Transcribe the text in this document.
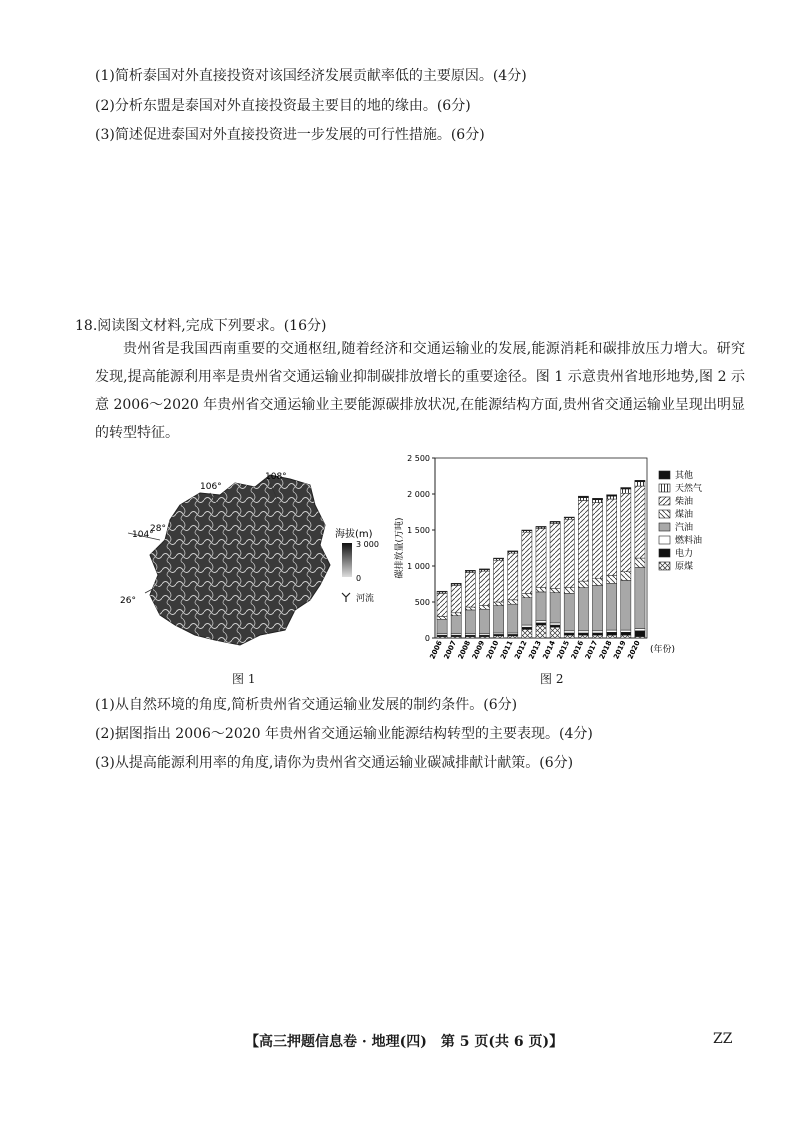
(1)简析泰国对外直接投资对该国经济发展贡献率低的主要原因。(4分)
(2)分析东盟是泰国对外直接投资最主要目的地的缘由。(6分)
(3)简述促进泰国对外直接投资进一步发展的可行性措施。(6分)
18.阅读图文材料,完成下列要求。(16分)
贵州省是我国西南重要的交通枢纽,随着经济和交通运输业的发展,能源消耗和碳排放压力增大。研究发现,提高能源利用率是贵州省交通运输业抑制碳排放增长的重要途径。图 1 示意贵州省地形地势,图 2 示意 2006～2020 年贵州省交通运输业主要能源碳排放状况,在能源结构方面,贵州省交通运输业呈现出明显的转型特征。
104°
106°
108°
28°
26°
海拔(m)
3 000
0
河流
图 1
0
500
1 000
1 500
2 000
2 500
碳排放量(万吨)
2006
2007
2008
2009
2010
2011
2012
2013
2014
2015
2016
2017
2018
2019
2020 (年份)
其他
天然气
柴油
煤油
汽油
燃料油
电力
原煤
图 2
(1)从自然环境的角度,简析贵州省交通运输业发展的制约条件。(6分)
(2)据图指出 2006～2020 年贵州省交通运输业能源结构转型的主要表现。(4分)
(3)从提高能源利用率的角度,请你为贵州省交通运输业碳减排献计献策。(6分)
【高三押题信息卷 · 地理(四)　第 5 页(共 6 页)】	ZZ
